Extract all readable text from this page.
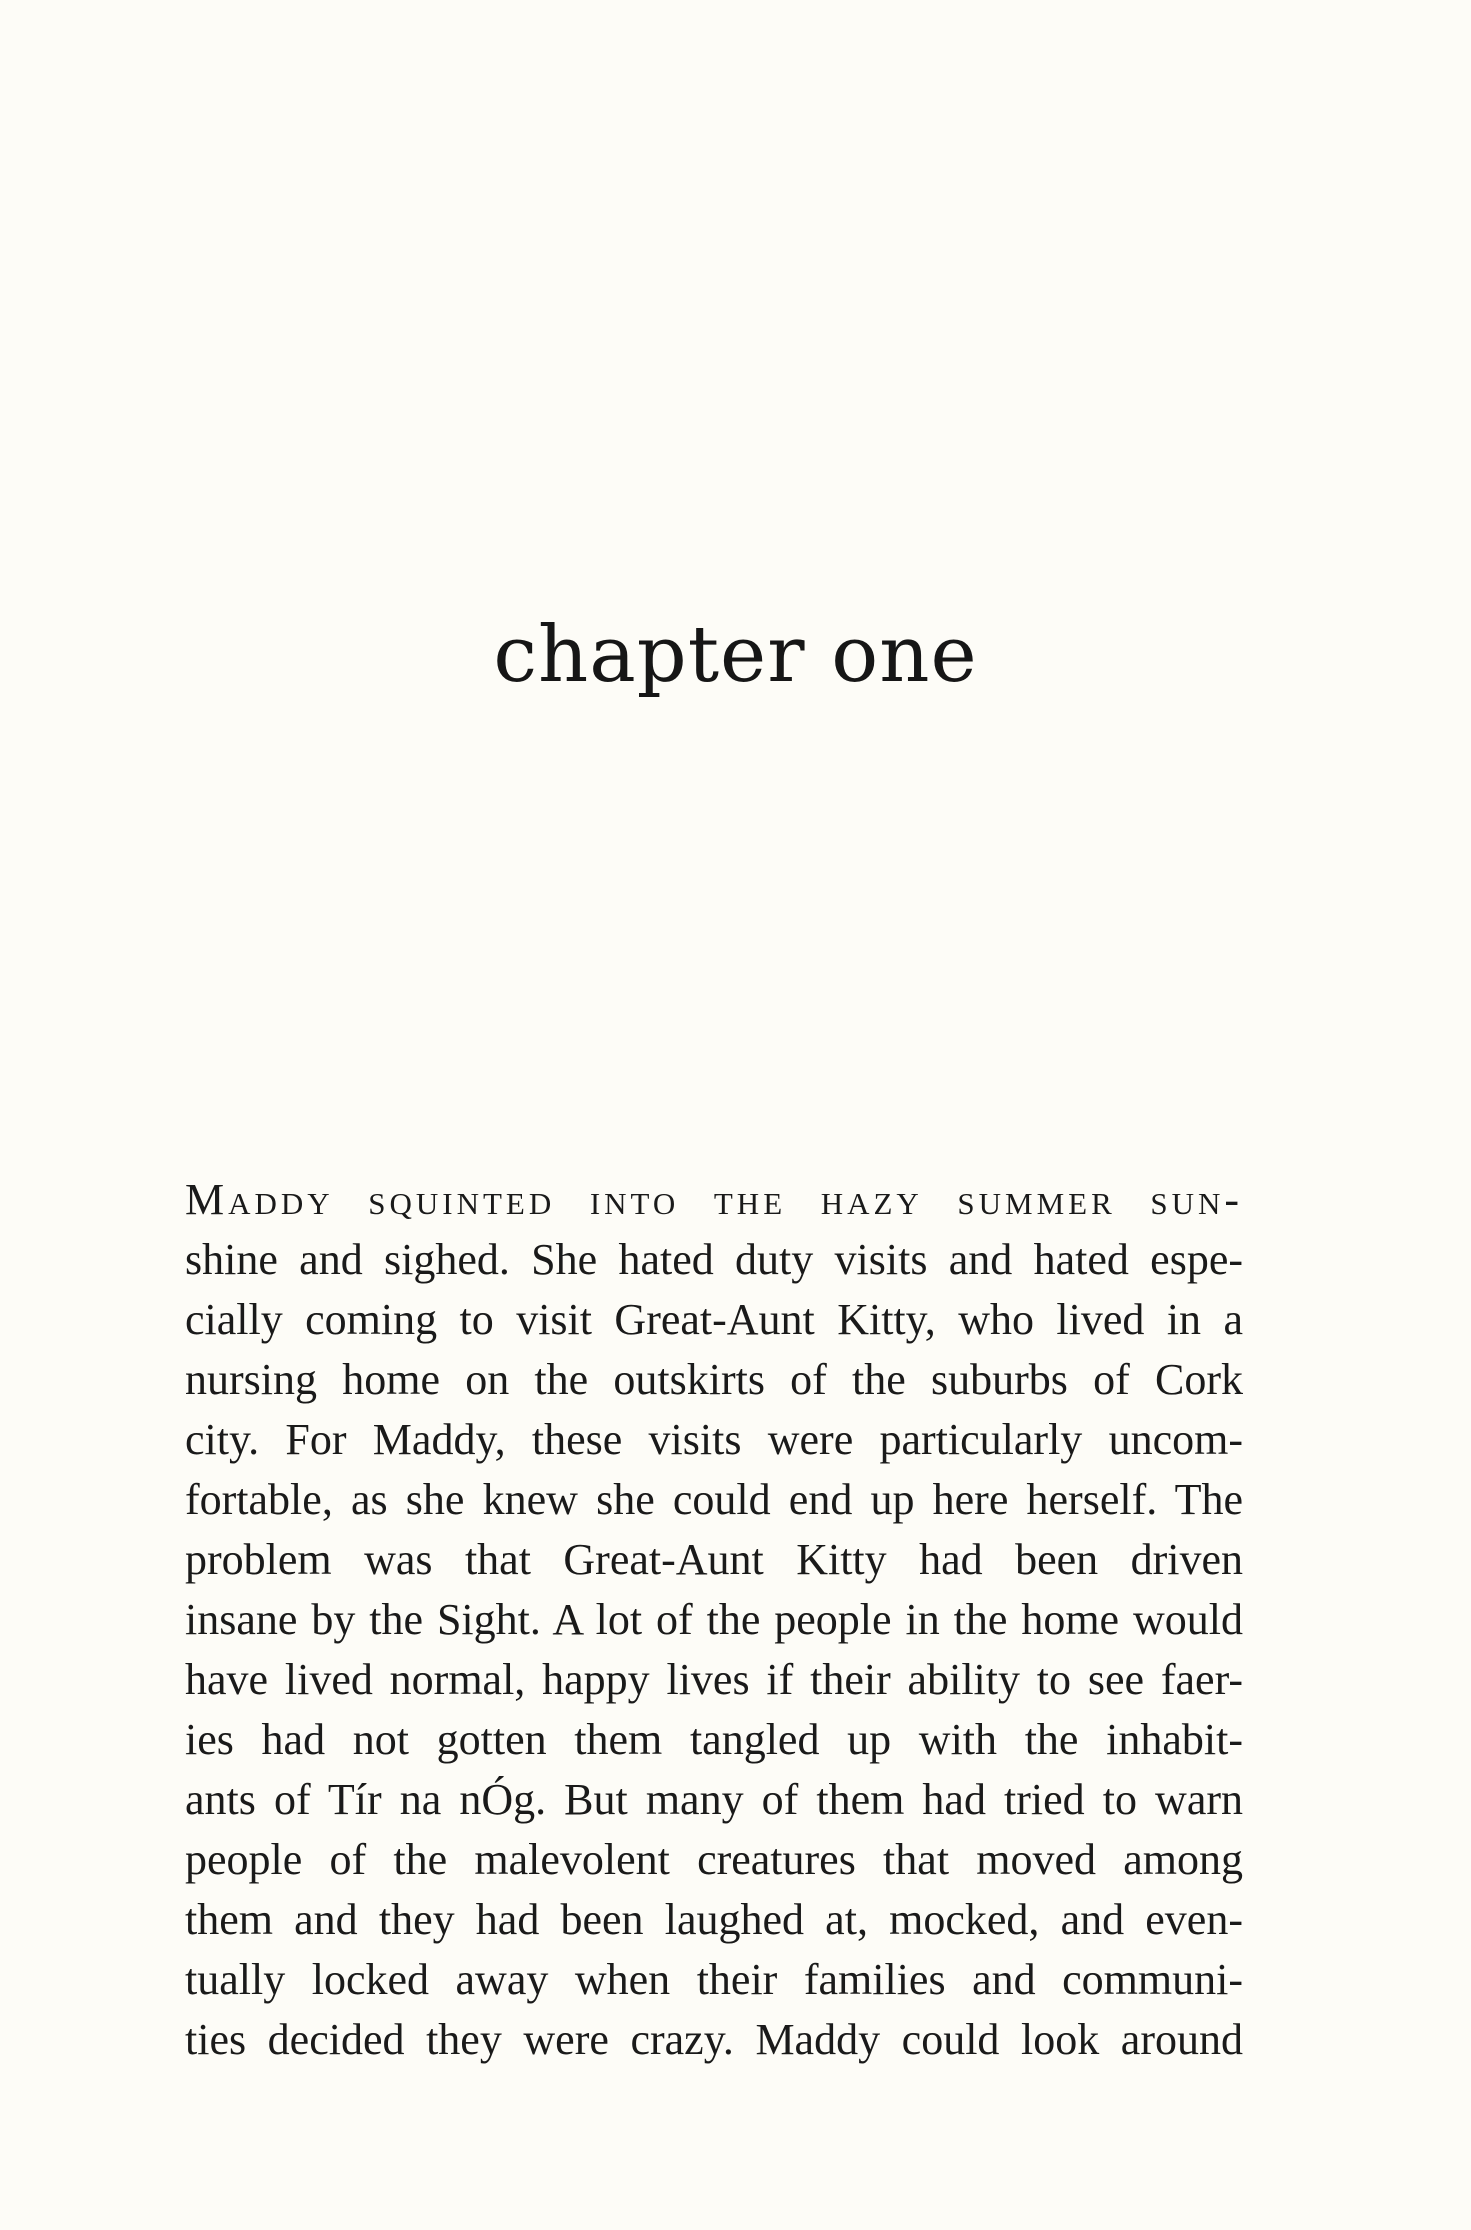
chapter one
Maddy squinted into the hazy summer sun-
shine and sighed. She hated duty visits and hated espe-
cially coming to visit Great-Aunt Kitty, who lived in a
nursing home on the outskirts of the suburbs of Cork
city. For Maddy, these visits were particularly uncom-
fortable, as she knew she could end up here herself. The
problem was that Great-Aunt Kitty had been driven
insane by the Sight. A lot of the people in the home would
have lived normal, happy lives if their ability to see faer-
ies had not gotten them tangled up with the inhabit-
ants of Tír na nÓg. But many of them had tried to warn
people of the malevolent creatures that moved among
them and they had been laughed at, mocked, and even-
tually locked away when their families and communi-
ties decided they were crazy. Maddy could look around
